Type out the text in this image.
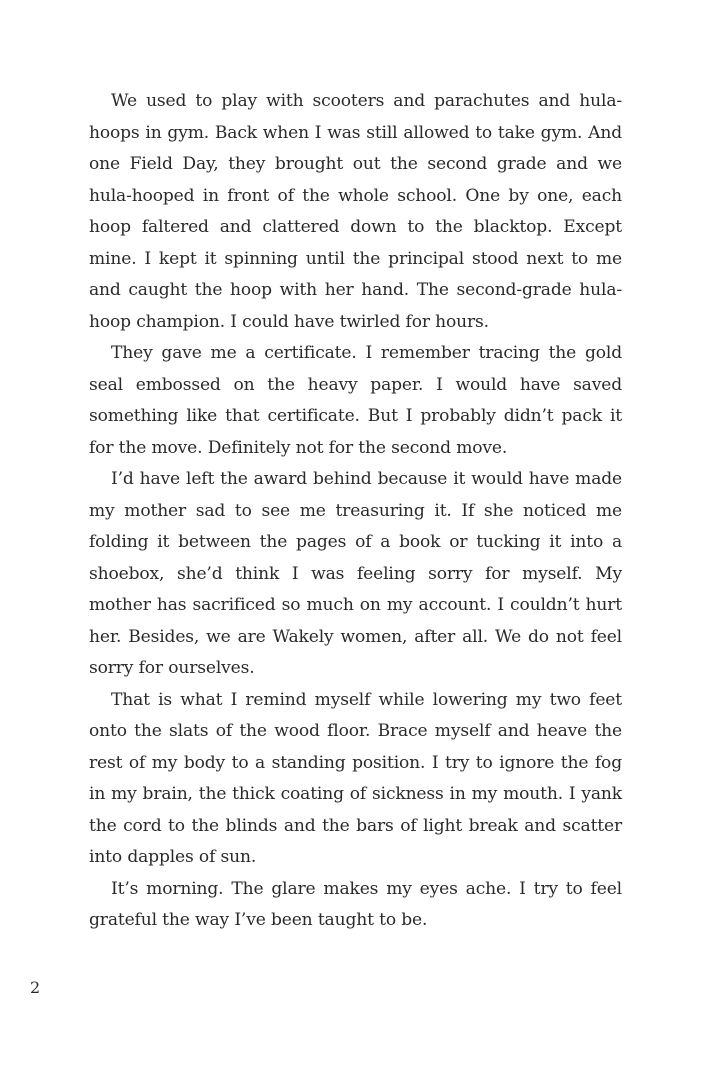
We used to play with scooters and parachutes and hula-hoops in gym. Back when I was still allowed to take gym. And one Field Day, they brought out the second grade and we hula-hooped in front of the whole school. One by one, each hoop faltered and clattered down to the blacktop. Except mine. I kept it spinning until the principal stood next to me and caught the hoop with her hand. The second-grade hula-hoop champion. I could have twirled for hours.

They gave me a certificate. I remember tracing the gold seal embossed on the heavy paper. I would have saved something like that certificate. But I probably didn’t pack it for the move. Definitely not for the second move.

I’d have left the award behind because it would have made my mother sad to see me treasuring it. If she noticed me folding it between the pages of a book or tucking it into a shoebox, she’d think I was feeling sorry for myself. My mother has sacrificed so much on my account. I couldn’t hurt her. Besides, we are Wakely women, after all. We do not feel sorry for ourselves.

That is what I remind myself while lowering my two feet onto the slats of the wood floor. Brace myself and heave the rest of my body to a standing position. I try to ignore the fog in my brain, the thick coating of sickness in my mouth. I yank the cord to the blinds and the bars of light break and scatter into dapples of sun.

It’s morning. The glare makes my eyes ache. I try to feel grateful the way I’ve been taught to be.

2
